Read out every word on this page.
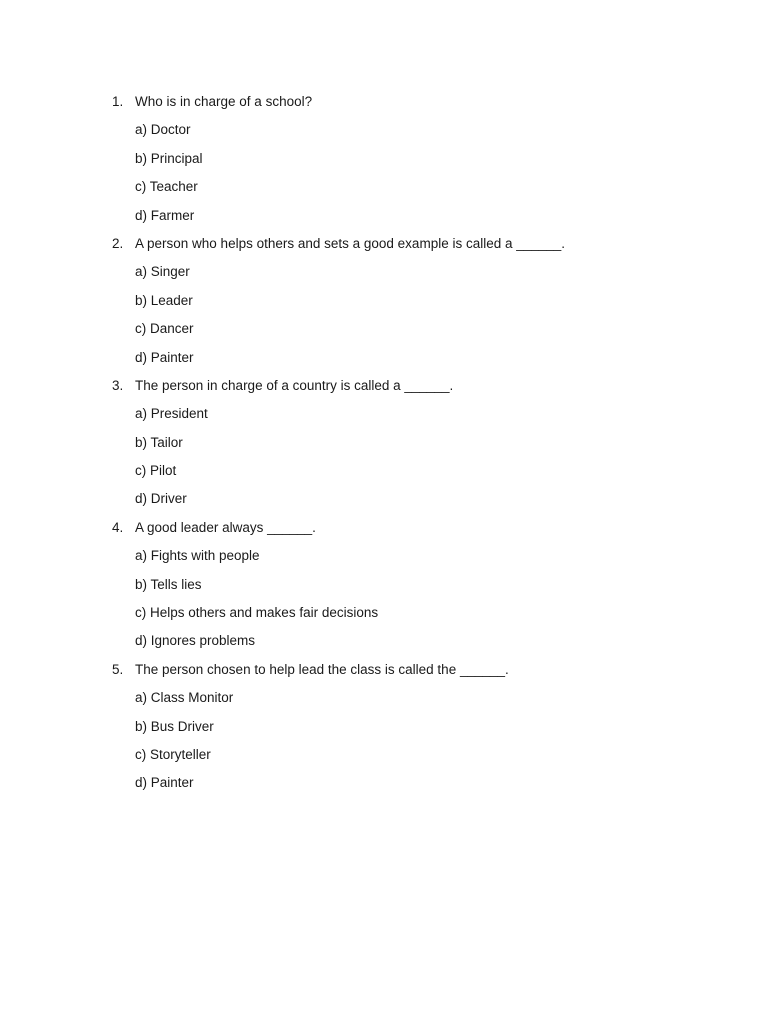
1. Who is in charge of a school?
a) Doctor
b) Principal
c) Teacher
d) Farmer
2. A person who helps others and sets a good example is called a ______.
a) Singer
b) Leader
c) Dancer
d) Painter
3. The person in charge of a country is called a ______.
a) President
b) Tailor
c) Pilot
d) Driver
4. A good leader always ______.
a) Fights with people
b) Tells lies
c) Helps others and makes fair decisions
d) Ignores problems
5. The person chosen to help lead the class is called the ______.
a) Class Monitor
b) Bus Driver
c) Storyteller
d) Painter
